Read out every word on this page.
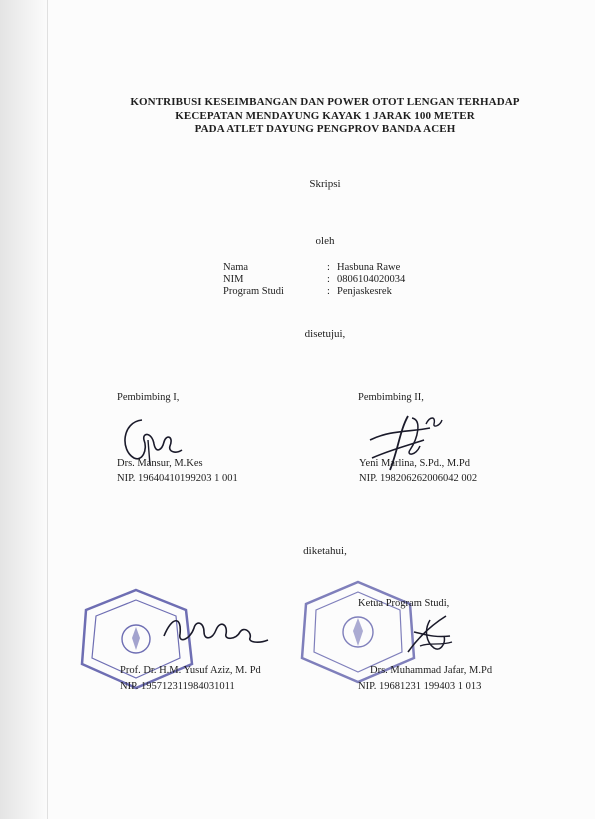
KONTRIBUSI KESEIMBANGAN DAN POWER OTOT LENGAN TERHADAP
KECEPATAN MENDAYUNG KAYAK 1 JARAK 100 METER
PADA ATLET DAYUNG PENGPROV BANDA ACEH
Skripsi
oleh
Nama	: Hasbuna Rawe
NIM	: 0806104020034
Program Studi	: Penjaskesrek
disetujui,
Pembimbing I,	Pembimbing II,
Drs. Mansur, M.Kes
NIP. 19640410199203 1 001
Yeni Marlina, S.Pd., M.Pd
NIP. 198206262006042 002
diketahui,
Prof. Dr. H.M. Yusuf Aziz, M. Pd
NIP. 195712311984031011
Ketua Program Studi,
Drs. Muhammad Jafar, M.Pd
NIP. 19681231 199403 1 013
